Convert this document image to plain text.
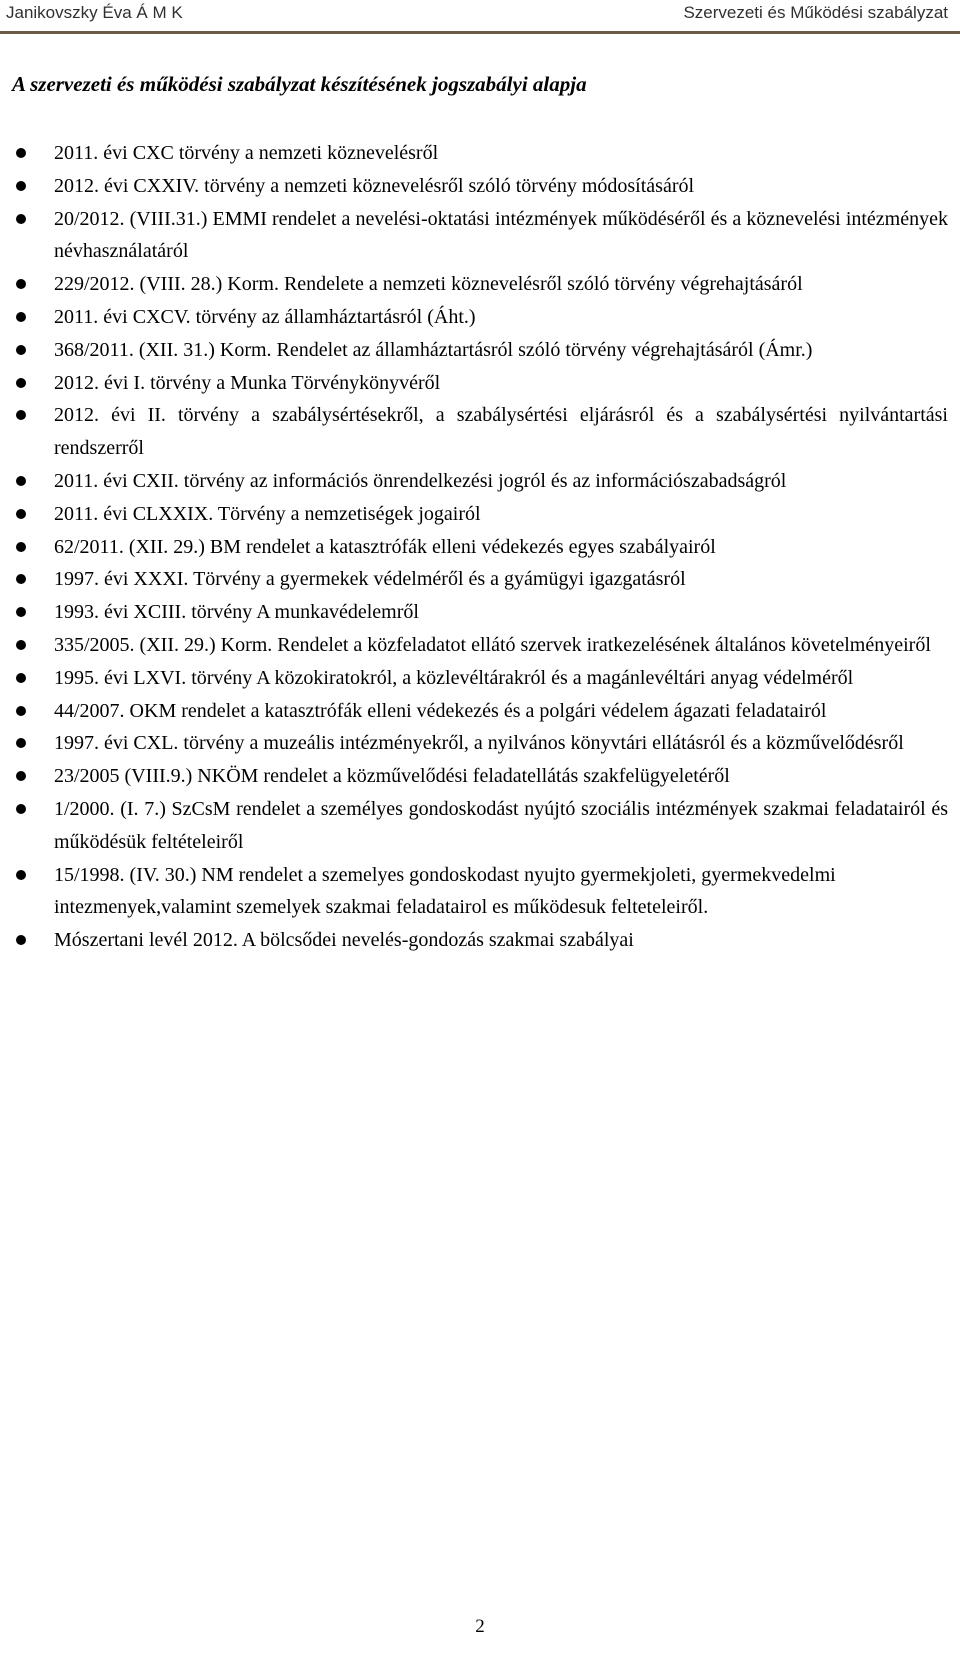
Janikovszky Éva Á M K	Szervezeti és Működési szabályzat
A szervezeti és működési szabályzat készítésének jogszabályi alapja
2011. évi CXC törvény a nemzeti köznevelésről
2012. évi CXXIV. törvény a nemzeti köznevelésről szóló törvény módosításáról
20/2012. (VIII.31.) EMMI rendelet a nevelési-oktatási intézmények működéséről és a köznevelési intézmények névhasználatáról
229/2012. (VIII. 28.) Korm. Rendelete a nemzeti köznevelésről szóló törvény végrehajtásáról
2011. évi CXCV. törvény az államháztartásról (Áht.)
368/2011. (XII. 31.) Korm. Rendelet az államháztartásról szóló törvény végrehajtásáról (Ámr.)
2012. évi I. törvény a Munka Törvénykönyvéről
2012. évi II. törvény a szabálysértésekről, a szabálysértési eljárásról és a szabálysértési nyilvántartási rendszerről
2011. évi CXII. törvény az információs önrendelkezési jogról és az információszabadságról
2011. évi CLXXIX. Törvény a nemzetiségek jogairól
62/2011. (XII. 29.) BM rendelet a katasztrófák elleni védekezés egyes szabályairól
1997. évi XXXI. Törvény a gyermekek védelméről és a gyámügyi igazgatásról
1993. évi XCIII. törvény A munkavédelemről
335/2005. (XII. 29.) Korm. Rendelet a közfeladatot ellátó szervek iratkezelésének általános követelményeiről
1995. évi LXVI. törvény A közokiratokról, a közlevéltárakról és a magánlevéltári anyag védelméről
44/2007. OKM rendelet a katasztrófák elleni védekezés és a polgári védelem ágazati feladatairól
1997. évi CXL. törvény a muzeális intézményekről, a nyilvános könyvtári ellátásról és a közművelődésről
23/2005 (VIII.9.) NKÖM rendelet a közművelődési feladatellátás szakfelügyeletéről
1/2000. (I. 7.) SzCsM rendelet a személyes gondoskodást nyújtó szociális intézmények szakmai feladatairól és működésük feltételeiről
15/1998. (IV. 30.) NM rendelet a szemelyes gondoskodast nyujto gyermekjoleti, gyermekvedelmi intezmenyek,valamint szemelyek szakmai feladatairol es működesuk felteteleiről.
Mószertani levél 2012. A bölcsődei nevelés-gondozás szakmai szabályai
2
